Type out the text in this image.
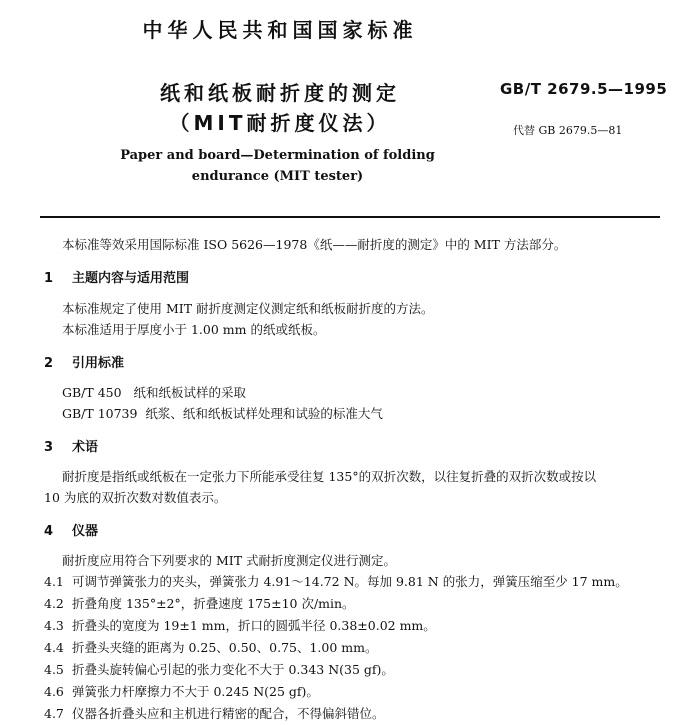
中华人民共和国国家标准
纸和纸板耐折度的测定
（MIT耐折度仪法）
GB/T 2679.5—1995
代替 GB 2679.5—81
Paper and board—Determination of folding
endurance (MIT tester)
本标准等效采用国际标准 ISO 5626—1978《纸——耐折度的测定》中的 MIT 方法部分。
1 主题内容与适用范围
本标准规定了使用 MIT 耐折度测定仪测定纸和纸板耐折度的方法。
本标准适用于厚度小于 1.00 mm 的纸或纸板。
2 引用标准
GB/T 450   纸和纸板试样的采取
GB/T 10739  纸浆、纸和纸板试样处理和试验的标准大气
3 术语
耐折度是指纸或纸板在一定张力下所能承受往复 135°的双折次数，以往复折叠的双折次数或按以
10 为底的双折次数对数值表示。
4 仪器
耐折度应用符合下列要求的 MIT 式耐折度测定仪进行测定。
4.1 可调节弹簧张力的夹头，弹簧张力 4.91～14.72 N。每加 9.81 N 的张力，弹簧压缩至少 17 mm。
4.2 折叠角度 135°±2°，折叠速度 175±10 次/min。
4.3 折叠头的宽度为 19±1 mm，折口的圆弧半径 0.38±0.02 mm。
4.4 折叠头夹缝的距离为 0.25、0.50、0.75、1.00 mm。
4.5 折叠头旋转偏心引起的张力变化不大于 0.343 N(35 gf)。
4.6 弹簧张力杆摩擦力不大于 0.245 N(25 gf)。
4.7 仪器各折叠头应和主机进行精密的配合，不得偏斜错位。
